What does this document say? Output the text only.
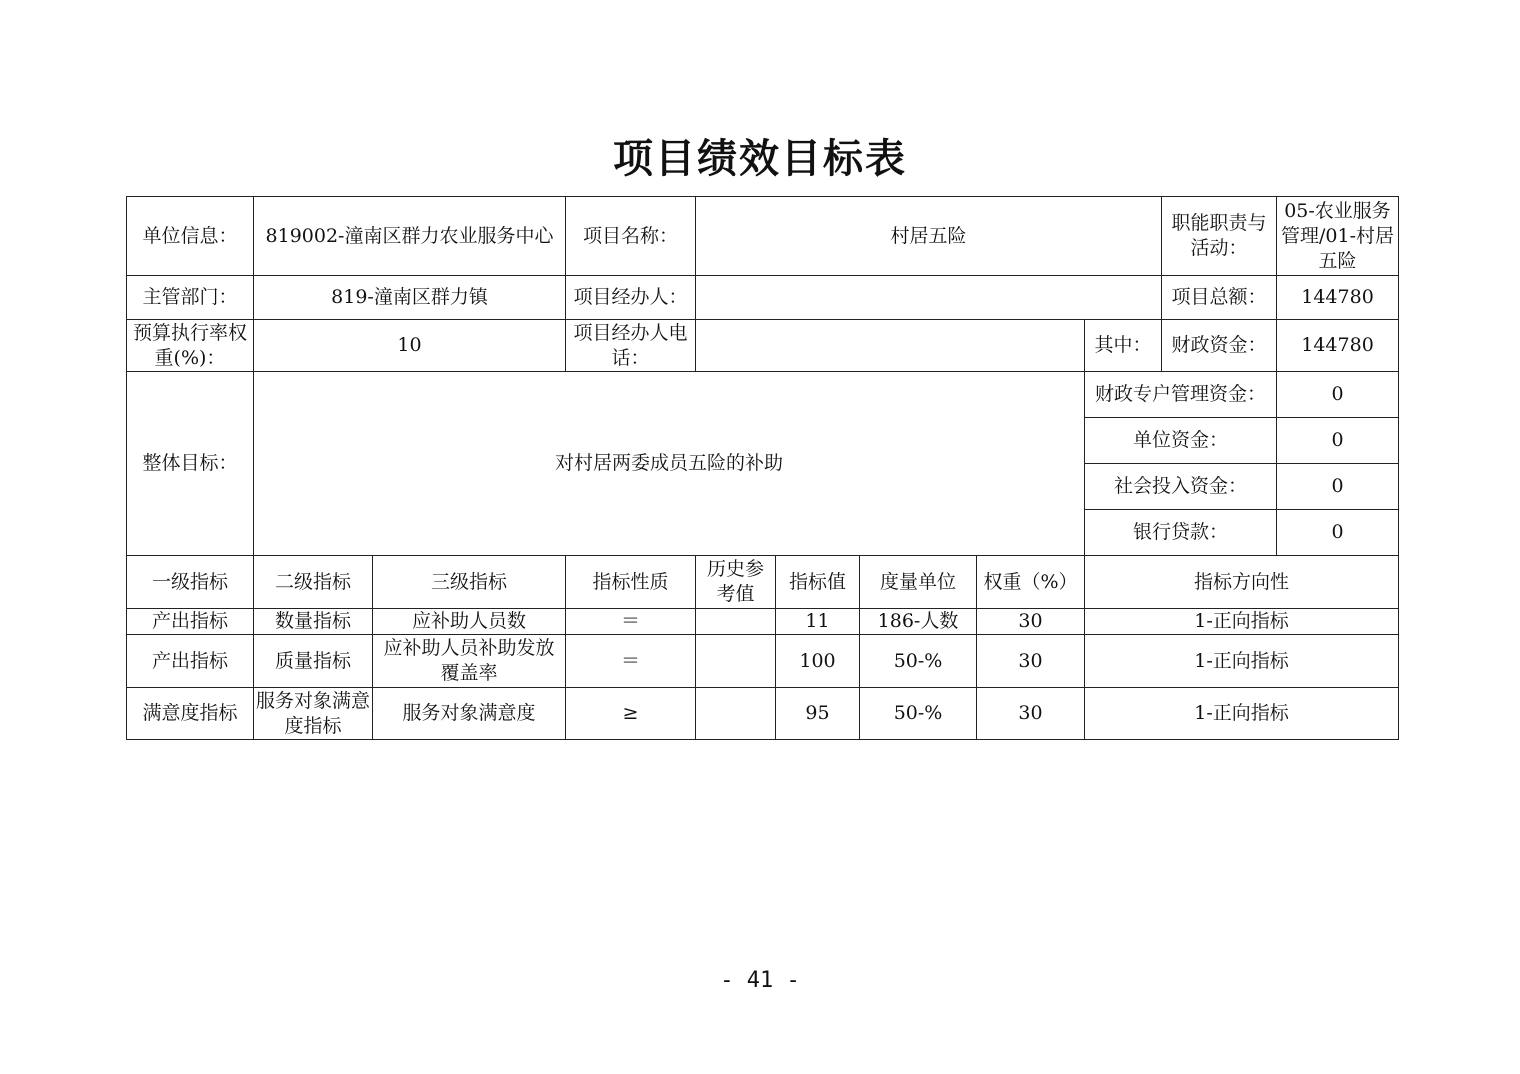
项目绩效目标表
单位信息：	819002-潼南区群力农业服务中心		项目名称：	村居五险					职能职责与活动：	05-农业服务管理/01-村居五险
主管部门：	819-潼南区群力镇		项目经办人：						项目总额：	144780
预算执行率权重(%)：	10		项目经办人电话：					其中：	财政资金：	144780
整体目标：	对村居两委成员五险的补助							财政专户管理资金：		0
								单位资金：		0
								社会投入资金：		0
								银行贷款：		0
一级指标	二级指标	三级指标	指标性质	历史参考值	指标值	度量单位	权重（%）	指标方向性		
产出指标	数量指标	应补助人员数	＝		11	186-人数	30	1-正向指标		
产出指标	质量指标	应补助人员补助发放覆盖率	＝		100	50-%	30	1-正向指标		
满意度指标	服务对象满意度指标	服务对象满意度	≥		95	50-%	30	1-正向指标		
- 41 -
